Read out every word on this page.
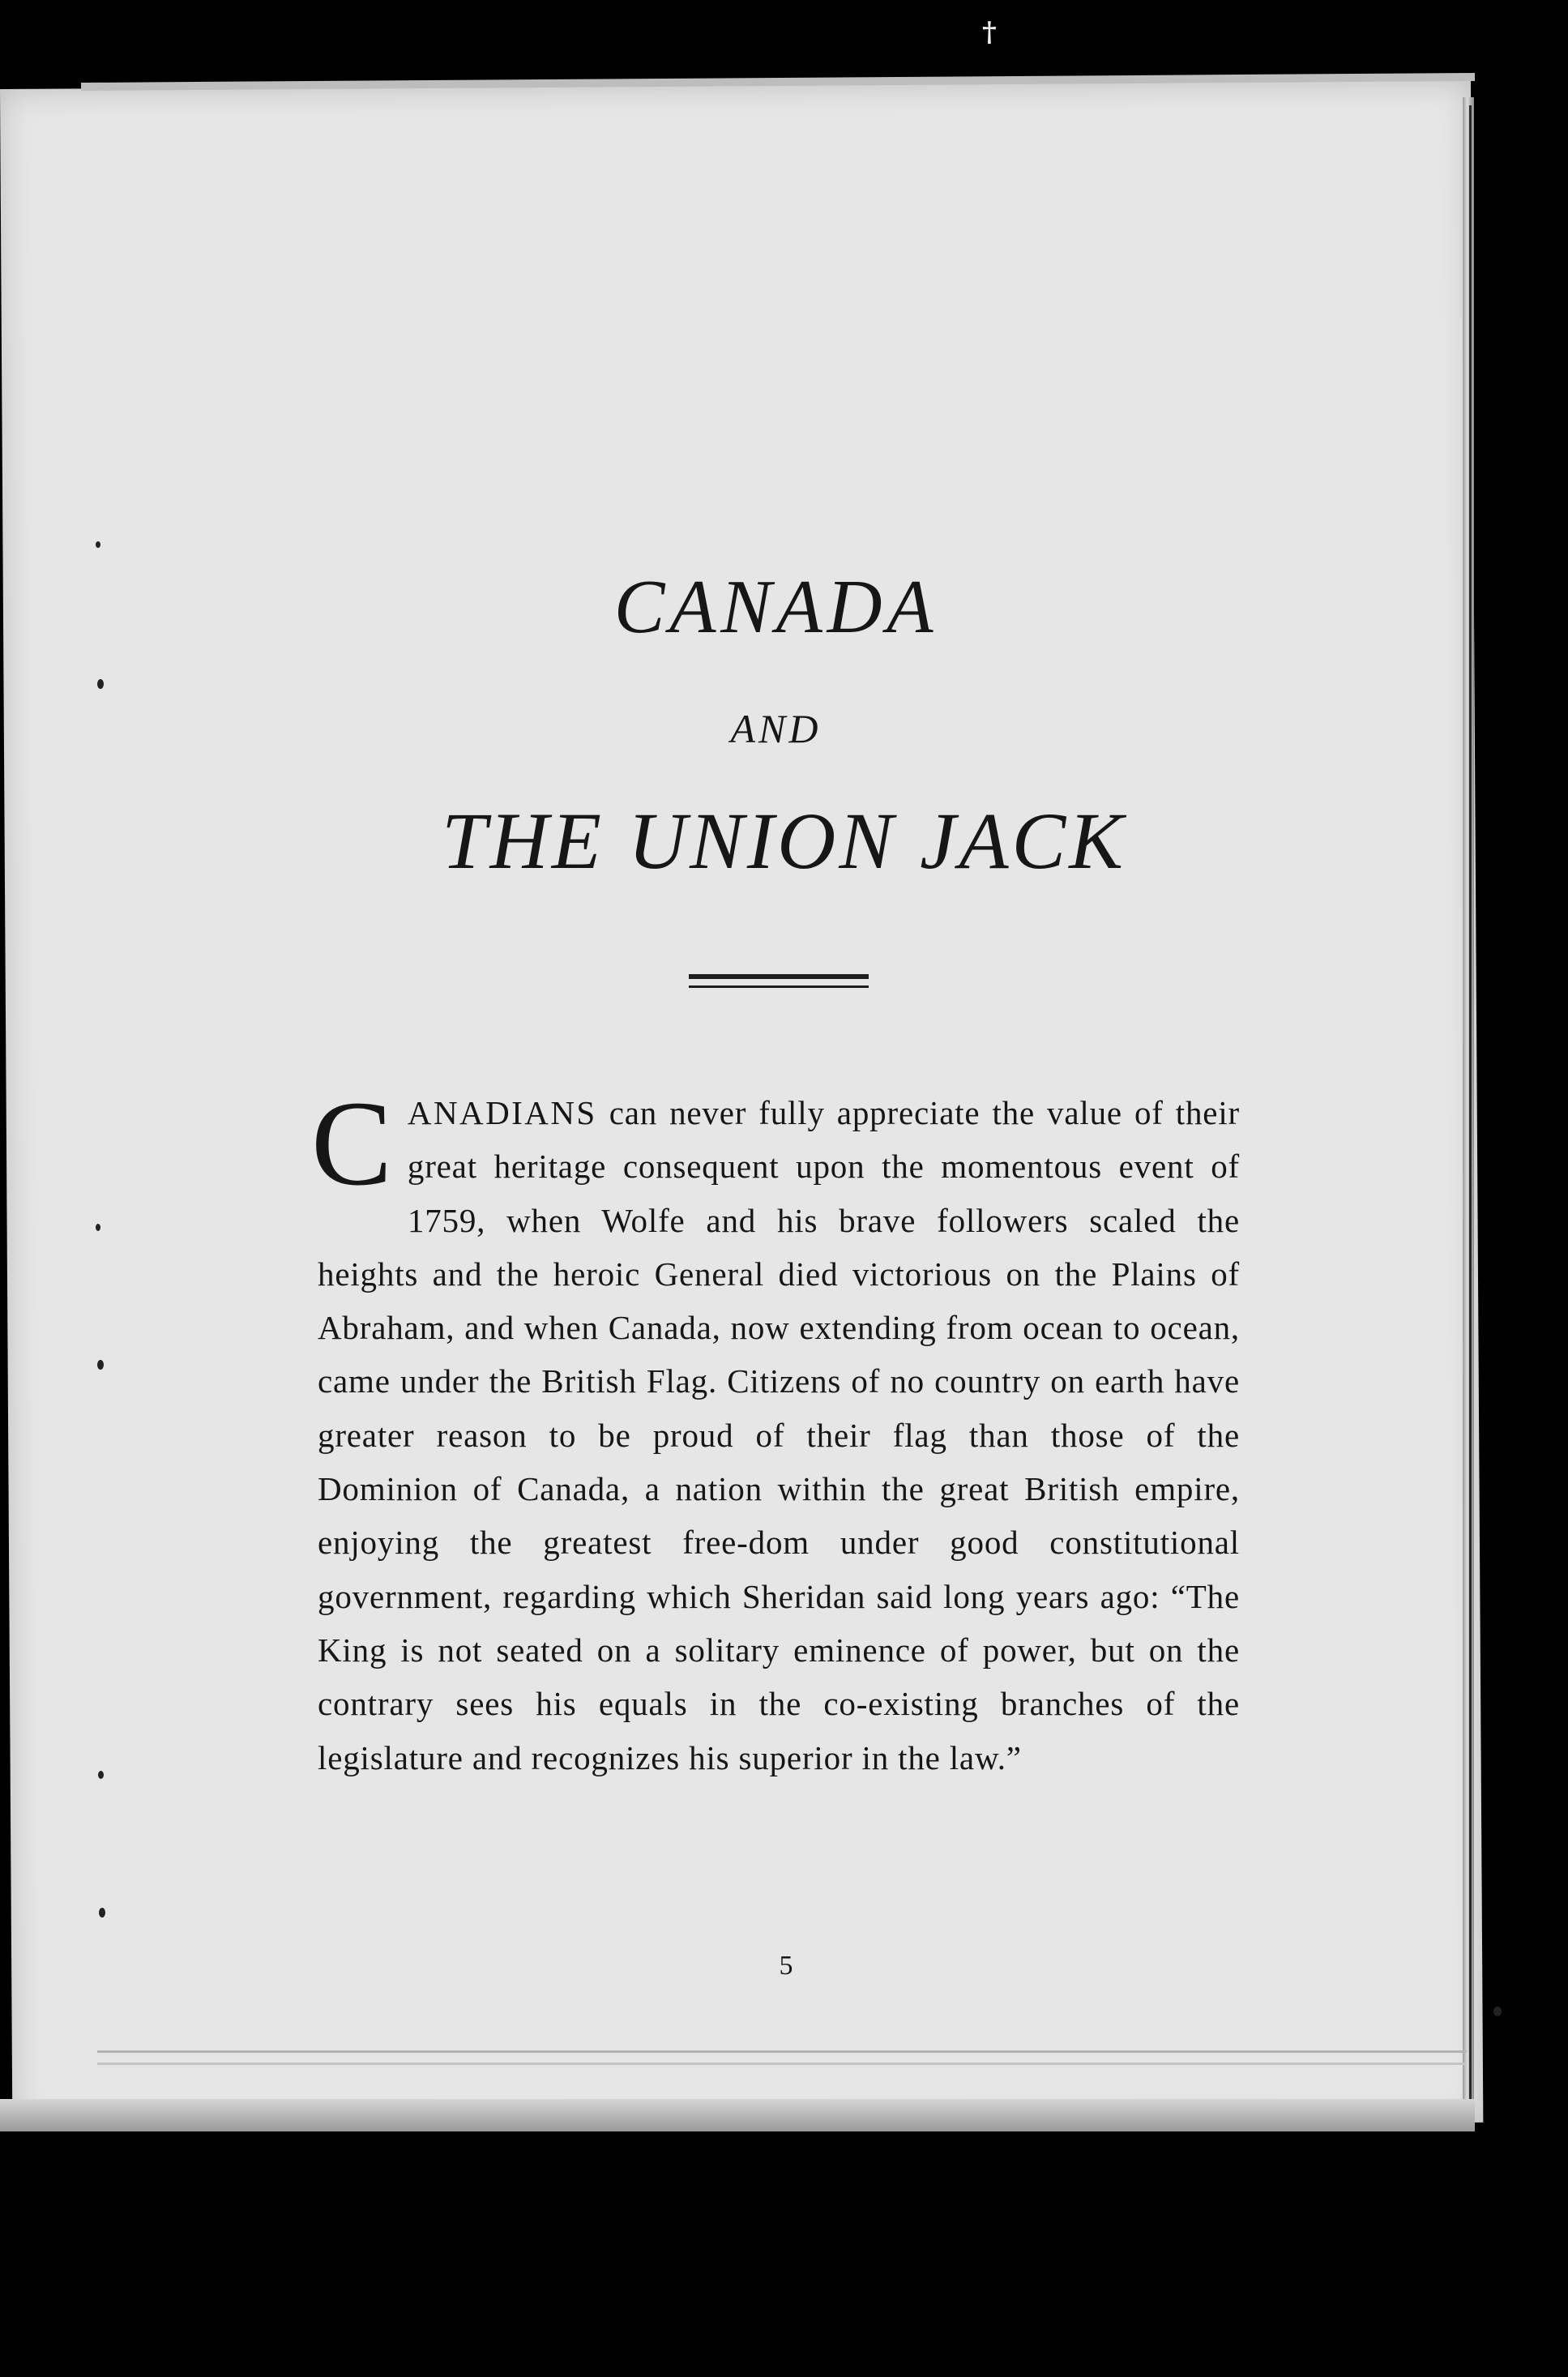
†
CANADA
AND
THE UNION JACK

CANADIANS can never fully appreciate the value of their great heritage consequent upon the momentous event of 1759, when Wolfe and his brave followers scaled the heights and the heroic General died victorious on the Plains of Abraham, and when Canada, now extending from ocean to ocean, came under the British Flag. Citizens of no country on earth have greater reason to be proud of their flag than those of the Dominion of Canada, a nation within the great British empire, enjoying the greatest free-dom under good constitutional government, regarding which Sheridan said long years ago: “The King is not seated on a solitary eminence of power, but on the contrary sees his equals in the co-existing branches of the legislature and recognizes his superior in the law.”

5
